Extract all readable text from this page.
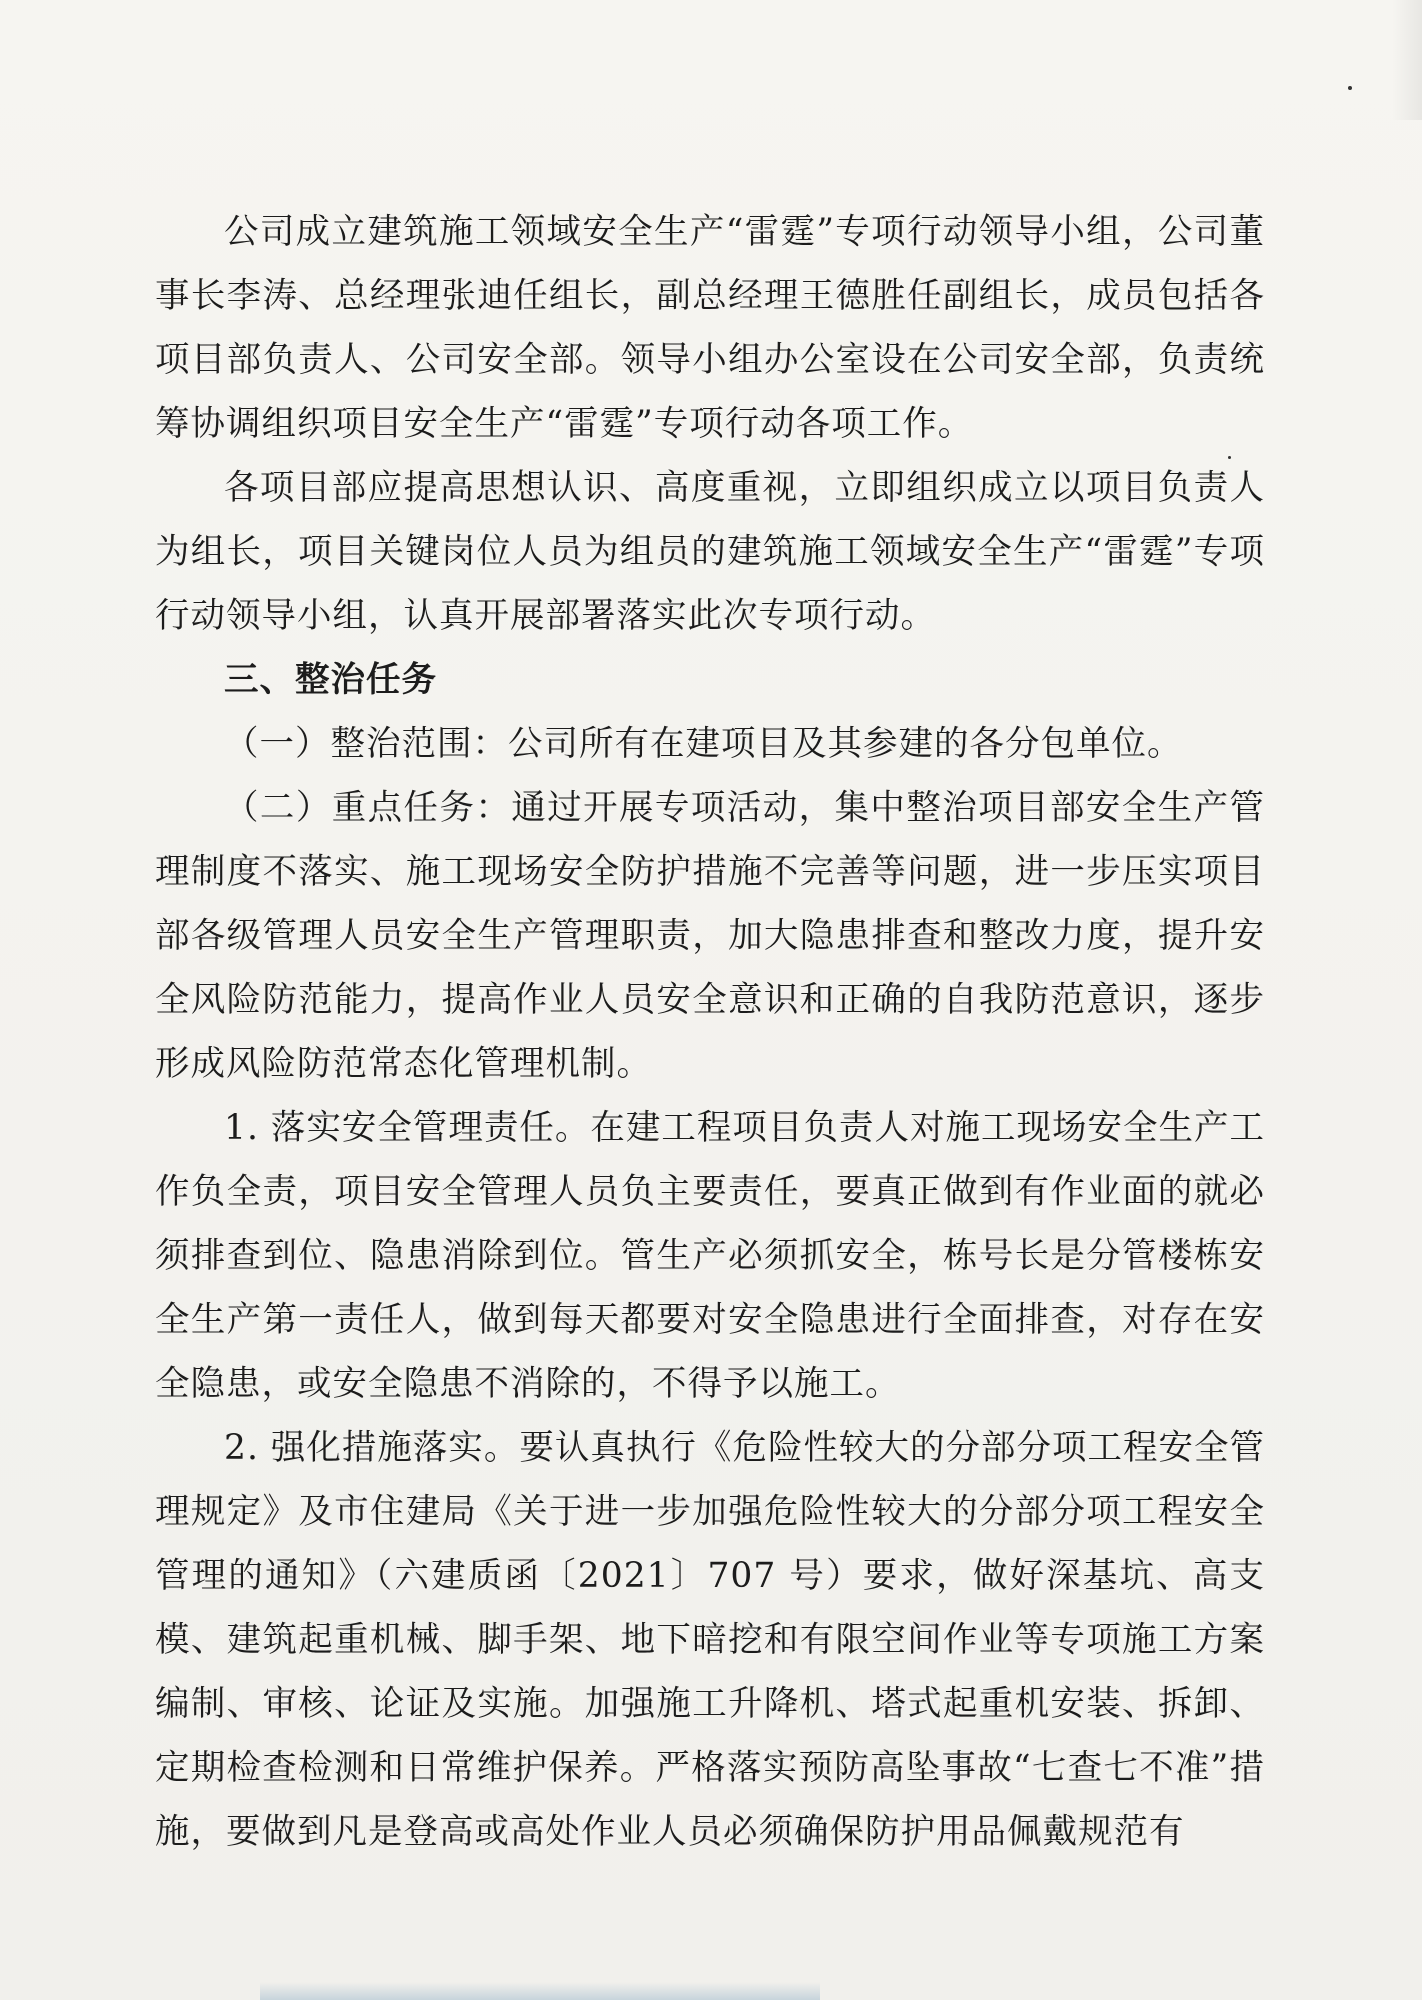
公司成立建筑施工领域安全生产“雷霆”专项行动领导小组，公司董事长李涛、总经理张迪任组长，副总经理王德胜任副组长，成员包括各项目部负责人、公司安全部。领导小组办公室设在公司安全部，负责统筹协调组织项目安全生产“雷霆”专项行动各项工作。

各项目部应提高思想认识、高度重视，立即组织成立以项目负责人为组长，项目关键岗位人员为组员的建筑施工领域安全生产“雷霆”专项行动领导小组，认真开展部署落实此次专项行动。

三、整治任务

（一）整治范围：公司所有在建项目及其参建的各分包单位。

（二）重点任务：通过开展专项活动，集中整治项目部安全生产管理制度不落实、施工现场安全防护措施不完善等问题，进一步压实项目部各级管理人员安全生产管理职责，加大隐患排查和整改力度，提升安全风险防范能力，提高作业人员安全意识和正确的自我防范意识，逐步形成风险防范常态化管理机制。

1. 落实安全管理责任。在建工程项目负责人对施工现场安全生产工作负全责，项目安全管理人员负主要责任，要真正做到有作业面的就必须排查到位、隐患消除到位。管生产必须抓安全，栋号长是分管楼栋安全生产第一责任人，做到每天都要对安全隐患进行全面排查，对存在安全隐患，或安全隐患不消除的，不得予以施工。

2. 强化措施落实。要认真执行《危险性较大的分部分项工程安全管理规定》及市住建局《关于进一步加强危险性较大的分部分项工程安全管理的通知》（六建质函〔2021〕707 号）要求，做好深基坑、高支模、建筑起重机械、脚手架、地下暗挖和有限空间作业等专项施工方案编制、审核、论证及实施。加强施工升降机、塔式起重机安装、拆卸、定期检查检测和日常维护保养。严格落实预防高坠事故“七查七不准”措施，要做到凡是登高或高处作业人员必须确保防护用品佩戴规范有
